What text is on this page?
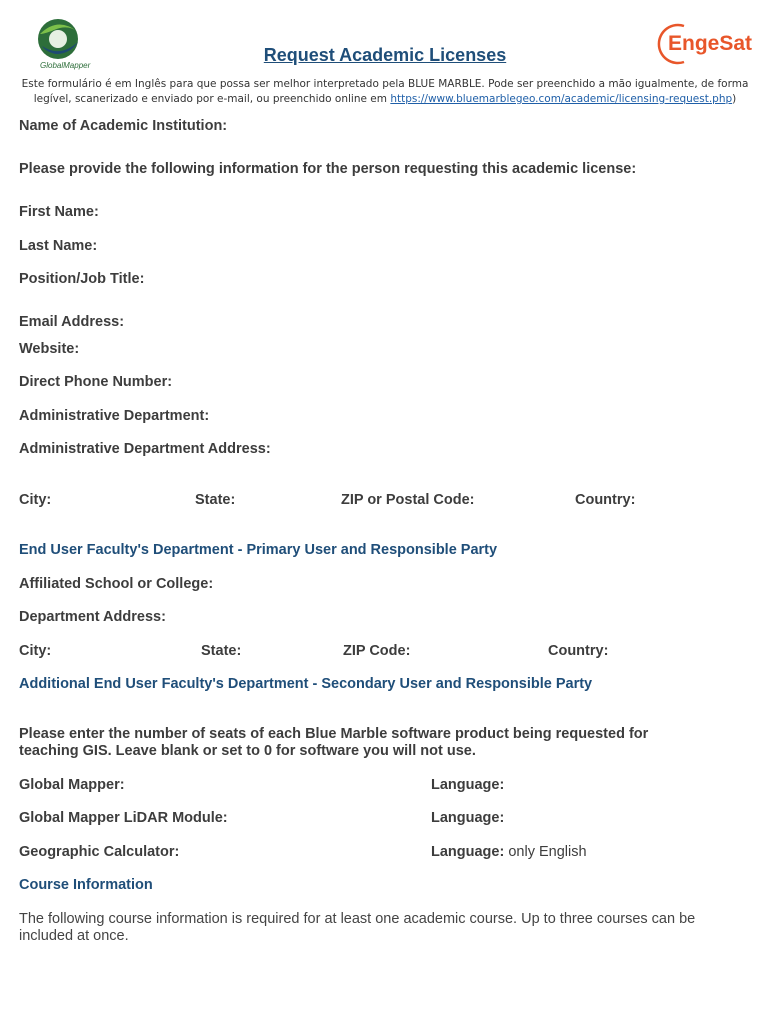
GlobalMapper
EngeSat
Request Academic Licenses
Este formulário é em Inglês para que possa ser melhor interpretado pela BLUE MARBLE. Pode ser preenchido a mão igualmente, de forma
legível, scanerizado e enviado por e-mail, ou preenchido online em https://www.bluemarblegeo.com/academic/licensing-request.php)
Name of Academic Institution:
Please provide the following information for the person requesting this academic license:
First Name:
Last Name:
Position/Job Title:
Email Address:
Website:
Direct Phone Number:
Administrative Department:
Administrative Department Address:
City:	State:	ZIP or Postal Code:	Country:
End User Faculty's Department - Primary User and Responsible Party
Affiliated School or College:
Department Address:
City:	State:	ZIP Code:	Country:
Additional End User Faculty's Department - Secondary User and Responsible Party
Please enter the number of seats of each Blue Marble software product being requested for
teaching GIS. Leave blank or set to 0 for software you will not use.
Global Mapper:	Language:
Global Mapper LiDAR Module:	Language:
Geographic Calculator:	Language: only English
Course Information
The following course information is required for at least one academic course. Up to three courses can be
included at once.
